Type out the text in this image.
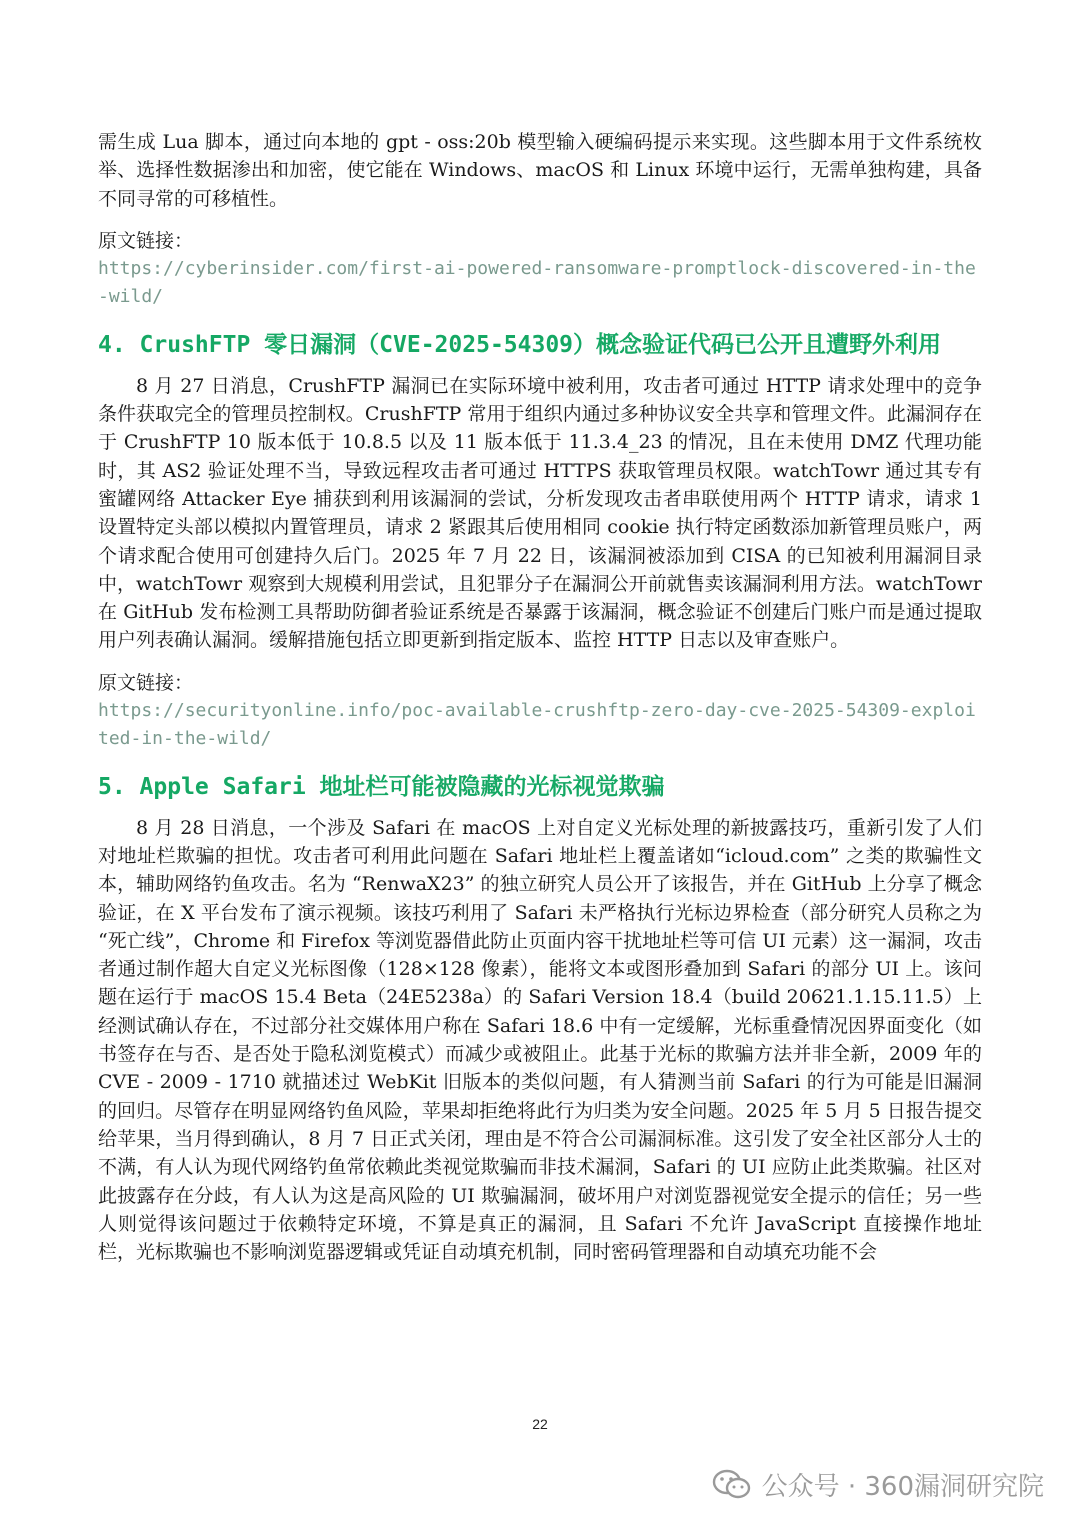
需生成 Lua 脚本，通过向本地的 gpt - oss:20b 模型输入硬编码提示来实现。这些脚本用于文件系统枚举、选择性数据渗出和加密，使它能在 Windows、macOS 和 Linux 环境中运行，无需单独构建，具备不同寻常的可移植性。

原文链接：

https://cyberinsider.com/first-ai-powered-ransomware-promptlock-discovered-in-the-wild/
4. CrushFTP 零日漏洞（CVE-2025-54309）概念验证代码已公开且遭野外利用

8 月 27 日消息，CrushFTP 漏洞已在实际环境中被利用，攻击者可通过 HTTP 请求处理中的竞争条件获取完全的管理员控制权。CrushFTP 常用于组织内通过多种协议安全共享和管理文件。此漏洞存在于 CrushFTP 10 版本低于 10.8.5 以及 11 版本低于 11.3.4_23 的情况，且在未使用 DMZ 代理功能时，其 AS2 验证处理不当，导致远程攻击者可通过 HTTPS 获取管理员权限。watchTowr 通过其专有蜜罐网络 Attacker Eye 捕获到利用该漏洞的尝试，分析发现攻击者串联使用两个 HTTP 请求，请求 1 设置特定头部以模拟内置管理员，请求 2 紧跟其后使用相同 cookie 执行特定函数添加新管理员账户，两个请求配合使用可创建持久后门。2025 年 7 月 22 日，该漏洞被添加到 CISA 的已知被利用漏洞目录中，watchTowr 观察到大规模利用尝试，且犯罪分子在漏洞公开前就售卖该漏洞利用方法。watchTowr 在 GitHub 发布检测工具帮助防御者验证系统是否暴露于该漏洞，概念验证不创建后门账户而是通过提取用户列表确认漏洞。缓解措施包括立即更新到指定版本、监控 HTTP 日志以及审查账户。

原文链接：

https://securityonline.info/poc-available-crushftp-zero-day-cve-2025-54309-exploited-in-the-wild/
5. Apple Safari 地址栏可能被隐藏的光标视觉欺骗

8 月 28 日消息，一个涉及 Safari 在 macOS 上对自定义光标处理的新披露技巧，重新引发了人们对地址栏欺骗的担忧。攻击者可利用此问题在 Safari 地址栏上覆盖诸如“icloud.com” 之类的欺骗性文本，辅助网络钓鱼攻击。名为 “RenwaX23” 的独立研究人员公开了该报告，并在 GitHub 上分享了概念验证，在 X 平台发布了演示视频。该技巧利用了 Safari 未严格执行光标边界检查（部分研究人员称之为 “死亡线”，Chrome 和 Firefox 等浏览器借此防止页面内容干扰地址栏等可信 UI 元素）这一漏洞，攻击者通过制作超大自定义光标图像（128×128 像素），能将文本或图形叠加到 Safari 的部分 UI 上。该问题在运行于 macOS 15.4 Beta（24E5238a）的 Safari Version 18.4（build 20621.1.15.11.5）上经测试确认存在，不过部分社交媒体用户称在 Safari 18.6 中有一定缓解，光标重叠情况因界面变化（如书签存在与否、是否处于隐私浏览模式）而减少或被阻止。此基于光标的欺骗方法并非全新，2009 年的 CVE - 2009 - 1710 就描述过 WebKit 旧版本的类似问题，有人猜测当前 Safari 的行为可能是旧漏洞的回归。尽管存在明显网络钓鱼风险，苹果却拒绝将此行为归类为安全问题。2025 年 5 月 5 日报告提交给苹果，当月得到确认，8 月 7 日正式关闭，理由是不符合公司漏洞标准。这引发了安全社区部分人士的不满，有人认为现代网络钓鱼常依赖此类视觉欺骗而非技术漏洞，Safari 的 UI 应防止此类欺骗。社区对此披露存在分歧，有人认为这是高风险的 UI 欺骗漏洞，破坏用户对浏览器视觉安全提示的信任；另一些人则觉得该问题过于依赖特定环境，不算是真正的漏洞，且 Safari 不允许 JavaScript 直接操作地址栏，光标欺骗也不影响浏览器逻辑或凭证自动填充机制，同时密码管理器和自动填充功能不会

22
公众号 · 360漏洞研究院
